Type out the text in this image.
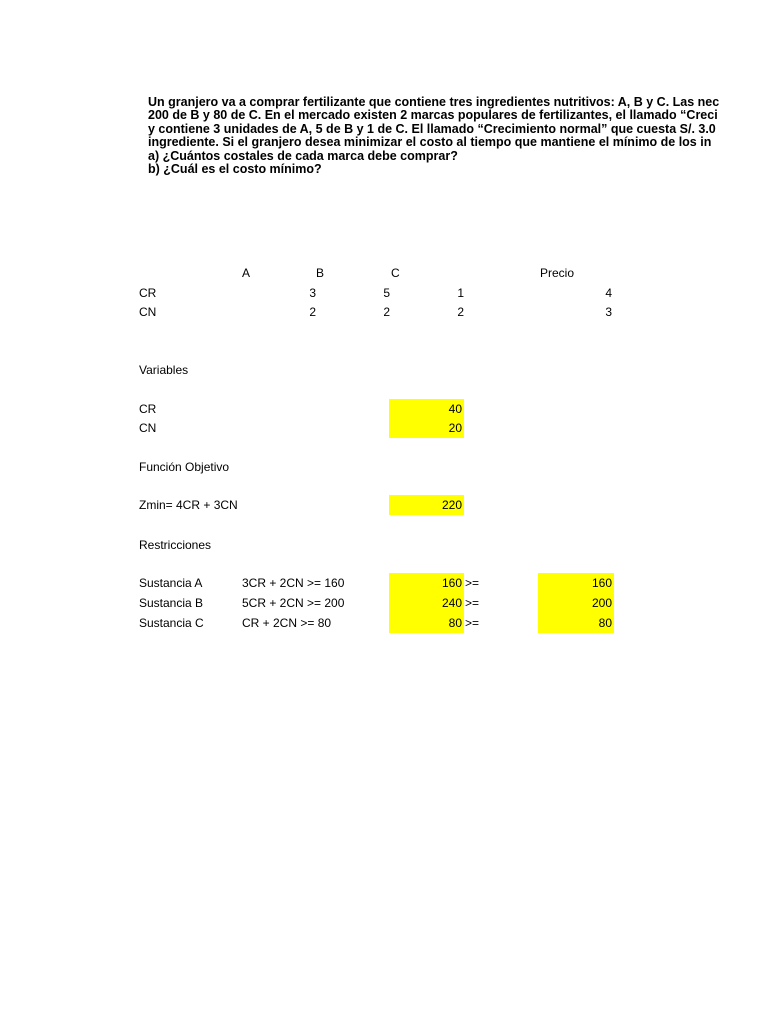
Un granjero va a comprar fertilizante que contiene tres ingredientes nutritivos: A, B y C. Las nec
200 de B y 80 de C. En el mercado existen 2 marcas populares de fertilizantes, el llamado “Creci
y contiene 3 unidades de A, 5 de B y 1 de C. El llamado “Crecimiento normal” que cuesta S/. 3.0
ingrediente. Si el granjero desea minimizar el costo al tiempo que mantiene el mínimo de los in
a) ¿Cuántos costales de cada marca debe comprar?
b) ¿Cuál es el costo mínimo?
A	B	C	Precio
CR	3	5	1	4
CN	2	2	2	3
Variables
CR	40
CN	20
Función Objetivo
Zmin= 4CR + 3CN	220
Restricciones
Sustancia A	3CR + 2CN >= 160	160 >=	160
Sustancia B	5CR + 2CN >= 200	240 >=	200
Sustancia C	CR + 2CN >= 80	80 >=	80
